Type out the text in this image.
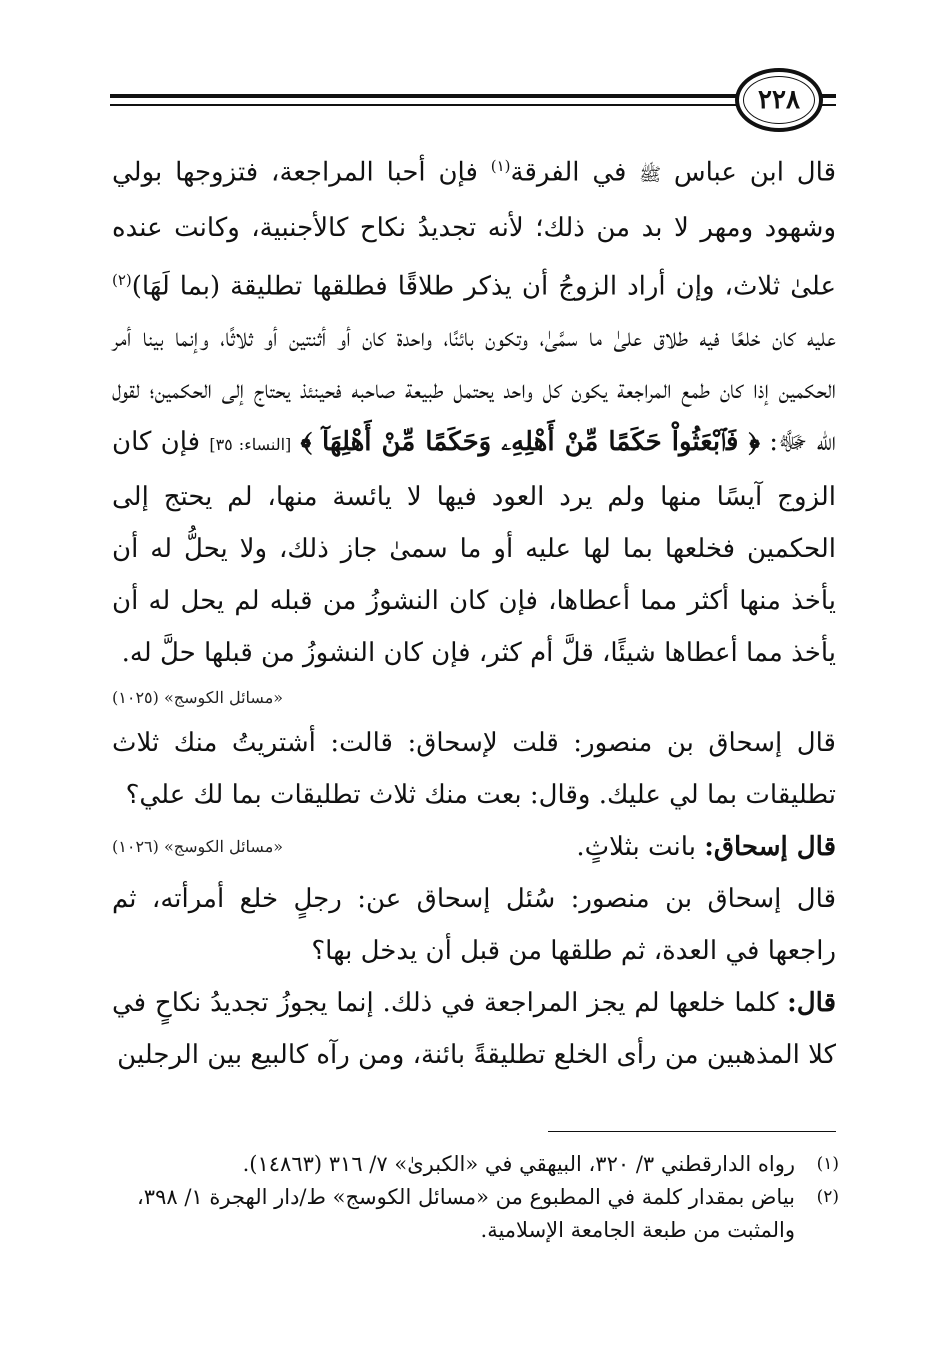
٢٢٨

قال ابن عباس ﷺ في الفرقة$^{(١)}$ فإن أحبا المراجعة، فتزوجها بولي وشهود ومهر لا بد من ذلك؛ لأنه تجديدُ نكاح كالأجنبية، وكانت عنده علىٰ ثلاث، وإن أراد الزوجُ أن يذكر طلاقًا فطلقها تطليقة (بما لَهَا)$^{(٢)}$ عليه كان خلعًا فيه طلاق علىٰ ما سمَّىٰ، وتكون بائنًا، واحدة كان أو أثنتين أو ثلاثًا، وإنما بينا أمر الحكمين إذا كان طمع المراجعة يكون كل واحد يحتمل طبيعة صاحبه فحينئذ يحتاج إلى الحكمين؛ لقول الله ﷻ: ﴿ فَٱبْعَثُواْ حَكَمًا مِّنْ أَهْلِهِۦ وَحَكَمًا مِّنْ أَهْلِهَآ ﴾ [النساء: ٣٥] فإن كان الزوج آيسًا منها ولم يرد العود فيها لا يائسة منها، لم يحتج إلى الحكمين فخلعها بما لها عليه أو ما سمىٰ جاز ذلك، ولا يحلُّ له أن يأخذ منها أكثر مما أعطاها، فإن كان النشوزُ من قبله لم يحل له أن يأخذ مما أعطاها شيئًا، قلَّ أم كثر، فإن كان النشوزُ من قبلها حلَّ له.

«مسائل الكوسج» (١٠٢٥)

قال إسحاق بن منصور: قلت لإسحاق: قالت: أشتريتُ منك ثلاث تطليقات بما لي عليك. وقال: بعت منك ثلاث تطليقات بما لك علي؟

قال إسحاق: بانت بثلاثٍ.
«مسائل الكوسج» (١٠٢٦)

قال إسحاق بن منصور: سُئل إسحاق عن: رجلٍ خلع أمرأته، ثم راجعها في العدة، ثم طلقها من قبل أن يدخل بها؟

قال: كلما خلعها لم يجز المراجعة في ذلك. إنما يجوزُ تجديدُ نكاحٍ في كلا المذهبين من رأى الخلع تطليقةً بائنة، ومن رآه كالبيع بين الرجلين

(١)
رواه الدارقطني ٣/ ٣٢٠، البيهقي في «الكبرىٰ» ٧/ ٣١٦ (١٤٨٦٣).
(٢)
بياض بمقدار كلمة في المطبوع من «مسائل الكوسج» ط/دار الهجرة ١/ ٣٩٨، والمثبت من طبعة الجامعة الإسلامية.
